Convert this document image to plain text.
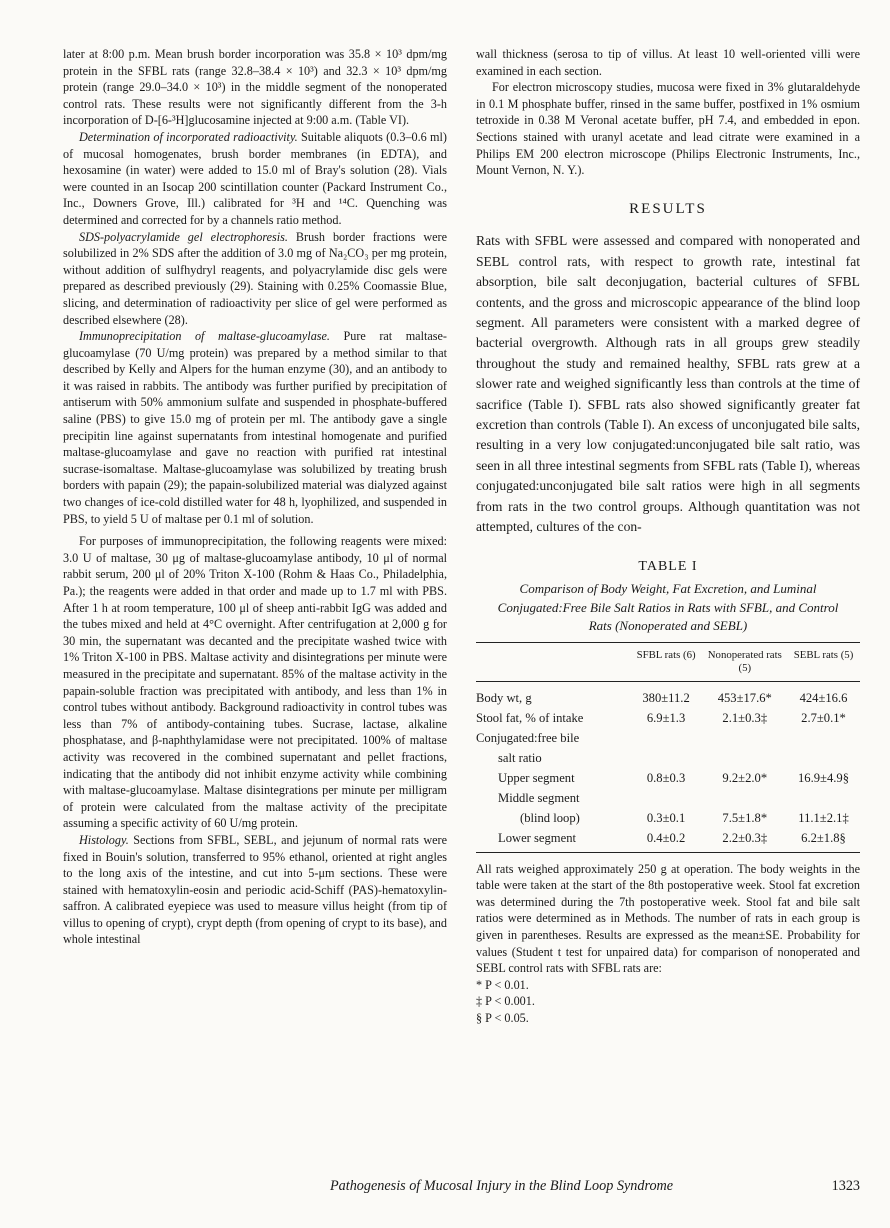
later at 8:00 p.m. Mean brush border incorporation was 35.8 × 10³ dpm/mg protein in the SFBL rats (range 32.8–38.4 × 10³) and 32.3 × 10³ dpm/mg protein (range 29.0–34.0 × 10³) in the middle segment of the nonoperated control rats. These results were not significantly different from the 3-h incorporation of D-[6-³H]glucosamine injected at 9:00 a.m. (Table VI).

Determination of incorporated radioactivity. Suitable aliquots (0.3–0.6 ml) of mucosal homogenates, brush border membranes (in EDTA), and hexosamine (in water) were added to 15.0 ml of Bray's solution (28). Vials were counted in an Isocap 200 scintillation counter (Packard Instrument Co., Inc., Downers Grove, Ill.) calibrated for ³H and ¹⁴C. Quenching was determined and corrected for by a channels ratio method.

SDS-polyacrylamide gel electrophoresis. Brush border fractions were solubilized in 2% SDS after the addition of 3.0 mg of Na₂CO₃ per mg protein, without addition of sulfhydryl reagents, and polyacrylamide disc gels were prepared as described previously (29). Staining with 0.25% Coomassie Blue, slicing, and determination of radioactivity per slice of gel were performed as described elsewhere (28).

Immunoprecipitation of maltase-glucoamylase. Pure rat maltase-glucoamylase (70 U/mg protein) was prepared by a method similar to that described by Kelly and Alpers for the human enzyme (30), and an antibody to it was raised in rabbits. The antibody was further purified by precipitation of antiserum with 50% ammonium sulfate and suspended in phosphate-buffered saline (PBS) to give 15.0 mg of protein per ml. The antibody gave a single precipitin line against supernatants from intestinal homogenate and purified maltase-glucoamylase and gave no reaction with purified rat intestinal sucrase-isomaltase. Maltase-glucoamylase was solubilized by treating brush borders with papain (29); the papain-solubilized material was dialyzed against two changes of ice-cold distilled water for 48 h, lyophilized, and suspended in PBS, to yield 5 U of maltase per 0.1 ml of solution.

For purposes of immunoprecipitation, the following reagents were mixed: 3.0 U of maltase, 30 μg of maltase-glucoamylase antibody, 10 μl of normal rabbit serum, 200 μl of 20% Triton X-100 (Rohm & Haas Co., Philadelphia, Pa.); the reagents were added in that order and made up to 1.7 ml with PBS. After 1 h at room temperature, 100 μl of sheep anti-rabbit IgG was added and the tubes mixed and held at 4°C overnight. After centrifugation at 2,000 g for 30 min, the supernatant was decanted and the precipitate washed twice with 1% Triton X-100 in PBS. Maltase activity and disintegrations per minute were measured in the precipitate and supernatant. 85% of the maltase activity in the papain-soluble fraction was precipitated with antibody, and less than 1% in control tubes without antibody. Background radioactivity in control tubes was less than 7% of antibody-containing tubes. Sucrase, lactase, alkaline phosphatase, and β-naphthylamidase were not precipitated. 100% of maltase activity was recovered in the combined supernatant and pellet fractions, indicating that the antibody did not inhibit enzyme activity while combining with maltase-glucoamylase. Maltase disintegrations per minute per milligram of protein were calculated from the maltase activity of the precipitate assuming a specific activity of 60 U/mg protein.

Histology. Sections from SFBL, SEBL, and jejunum of normal rats were fixed in Bouin's solution, transferred to 95% ethanol, oriented at right angles to the long axis of the intestine, and cut into 5-μm sections. These were stained with hematoxylin-eosin and periodic acid-Schiff (PAS)-hematoxylin-saffron. A calibrated eyepiece was used to measure villus height (from tip of villus to opening of crypt), crypt depth (from opening of crypt to its base), and whole intestinal

wall thickness (serosa to tip of villus. At least 10 well-oriented villi were examined in each section.

For electron microscopy studies, mucosa were fixed in 3% glutaraldehyde in 0.1 M phosphate buffer, rinsed in the same buffer, postfixed in 1% osmium tetroxide in 0.38 M Veronal acetate buffer, pH 7.4, and embedded in epon. Sections stained with uranyl acetate and lead citrate were examined in a Philips EM 200 electron microscope (Philips Electronic Instruments, Inc., Mount Vernon, N. Y.).

RESULTS

Rats with SFBL were assessed and compared with nonoperated and SEBL control rats, with respect to growth rate, intestinal fat absorption, bile salt deconjugation, bacterial cultures of SFBL contents, and the gross and microscopic appearance of the blind loop segment. All parameters were consistent with a marked degree of bacterial overgrowth. Although rats in all groups grew steadily throughout the study and remained healthy, SFBL rats grew at a slower rate and weighed significantly less than controls at the time of sacrifice (Table I). SFBL rats also showed significantly greater fat excretion than controls (Table I). An excess of unconjugated bile salts, resulting in a very low conjugated:unconjugated bile salt ratio, was seen in all three intestinal segments from SFBL rats (Table I), whereas conjugated:unconjugated bile salt ratios were high in all segments from rats in the two control groups. Although quantitation was not attempted, cultures of the con-

TABLE I
Comparison of Body Weight, Fat Excretion, and Luminal Conjugated:Free Bile Salt Ratios in Rats with SFBL, and Control Rats (Nonoperated and SEBL)
	SFBL rats (6)	Nonoperated rats (5)	SEBL rats (5)
Body wt, g	380±11.2	453±17.6*	424±16.6
Stool fat, % of intake	6.9±1.3	2.1±0.3‡	2.7±0.1*
Conjugated:free bile			
salt ratio			
Upper segment	0.8±0.3	9.2±2.0*	16.9±4.9§
Middle segment			
(blind loop)	0.3±0.1	7.5±1.8*	11.1±2.1‡
Lower segment	0.4±0.2	2.2±0.3‡	6.2±1.8§

All rats weighed approximately 250 g at operation. The body weights in the table were taken at the start of the 8th postoperative week. Stool fat excretion was determined during the 7th postoperative week. Stool fat and bile salt ratios were determined as in Methods. The number of rats in each group is given in parentheses. Results are expressed as the mean±SE. Probability for values (Student t test for unpaired data) for comparison of nonoperated and SEBL control rats with SFBL rats are:

* P < 0.01.

‡ P < 0.001.

§ P < 0.05.

Pathogenesis of Mucosal Injury in the Blind Loop Syndrome	1323
